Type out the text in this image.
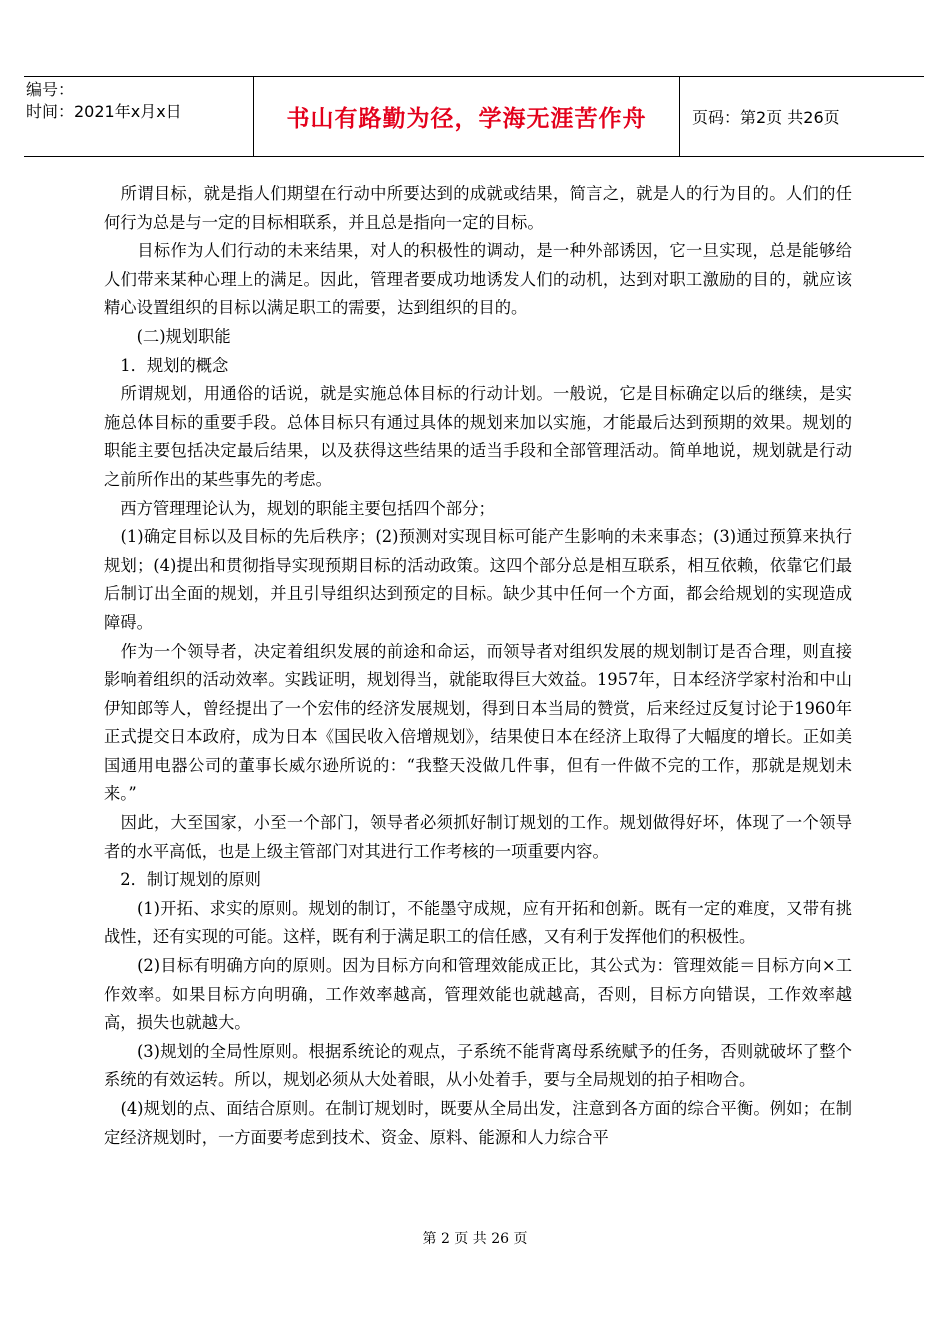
编号：
时间：2021年x月x日	书山有路勤为径，学海无涯苦作舟	页码：第2页 共26页

　所谓目标，就是指人们期望在行动中所要达到的成就或结果，简言之，就是人的行为目的。人们的任何行为总是与一定的目标相联系，并且总是指向一定的目标。

　　目标作为人们行动的未来结果，对人的积极性的调动，是一种外部诱因，它一旦实现，总是能够给人们带来某种心理上的满足。因此，管理者要成功地诱发人们的动机，达到对职工激励的目的，就应该精心设置组织的目标以满足职工的需要，达到组织的目的。

　　(二)规划职能

　1．规划的概念

　所谓规划，用通俗的话说，就是实施总体目标的行动计划。一般说，它是目标确定以后的继续，是实施总体目标的重要手段。总体目标只有通过具体的规划来加以实施，才能最后达到预期的效果。规划的职能主要包括决定最后结果，以及获得这些结果的适当手段和全部管理活动。简单地说，规划就是行动之前所作出的某些事先的考虑。

　西方管理理论认为，规划的职能主要包括四个部分；

　(1)确定目标以及目标的先后秩序；(2)预测对实现目标可能产生影响的未来事态；(3)通过预算来执行规划；(4)提出和贯彻指导实现预期目标的活动政策。这四个部分总是相互联系，相互依赖，依靠它们最后制订出全面的规划，并且引导组织达到预定的目标。缺少其中任何一个方面，都会给规划的实现造成障碍。

　作为一个领导者，决定着组织发展的前途和命运，而领导者对组织发展的规划制订是否合理，则直接影响着组织的活动效率。实践证明，规划得当，就能取得巨大效益。1957年，日本经济学家村治和中山伊知郎等人，曾经提出了一个宏伟的经济发展规划，得到日本当局的赞赏，后来经过反复讨论于1960年正式提交日本政府，成为日本《国民收入倍增规划》，结果使日本在经济上取得了大幅度的增长。正如美国通用电器公司的董事长威尔逊所说的：“我整天没做几件事，但有一件做不完的工作，那就是规划未来。”

　因此，大至国家，小至一个部门，领导者必须抓好制订规划的工作。规划做得好坏，体现了一个领导者的水平高低，也是上级主管部门对其进行工作考核的一项重要内容。

　2．制订规划的原则

　　(1)开拓、求实的原则。规划的制订，不能墨守成规，应有开拓和创新。既有一定的难度，又带有挑战性，还有实现的可能。这样，既有利于满足职工的信任感，又有利于发挥他们的积极性。

　　(2)目标有明确方向的原则。因为目标方向和管理效能成正比，其公式为：管理效能＝目标方向×工作效率。如果目标方向明确，工作效率越高，管理效能也就越高，否则，目标方向错误，工作效率越高，损失也就越大。

　　(3)规划的全局性原则。根据系统论的观点，子系统不能背离母系统赋予的任务，否则就破坏了整个系统的有效运转。所以，规划必须从大处着眼，从小处着手，要与全局规划的拍子相吻合。

　(4)规划的点、面结合原则。在制订规划时，既要从全局出发，注意到各方面的综合平衡。例如；在制定经济规划时，一方面要考虑到技术、资金、原料、能源和人力综合平

第 2 页 共 26 页
